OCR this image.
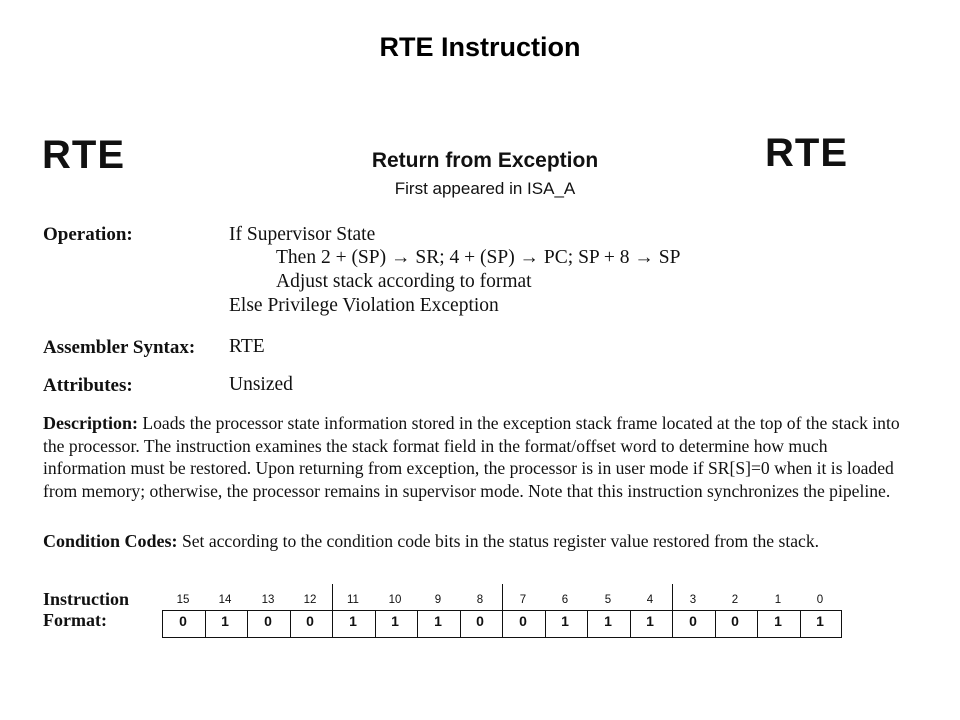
RTE Instruction
RTE	RTE
Return from Exception
First appeared in ISA_A
Operation:	If Supervisor State
Then 2 + (SP) → SR; 4 + (SP) → PC; SP + 8 → SP
Adjust stack according to format
Else Privilege Violation Exception
Assembler Syntax: RTE
Attributes:	Unsized
Description: Loads the processor state information stored in the exception stack frame located at the top of the stack into the processor. The instruction examines the stack format field in the format/offset word to determine how much information must be restored. Upon returning from exception, the processor is in user mode if SR[S]=0 when it is loaded from memory; otherwise, the processor remains in supervisor mode. Note that this instruction synchronizes the pipeline.
Condition Codes: Set according to the condition code bits in the status register value restored from the stack.
Instruction
Format:
15	14	13	12	11	10	9	8	7	6	5	4	3	2	1	0
0	1	0	0	1	1	1	0	0	1	1	1	0	0	1	1
